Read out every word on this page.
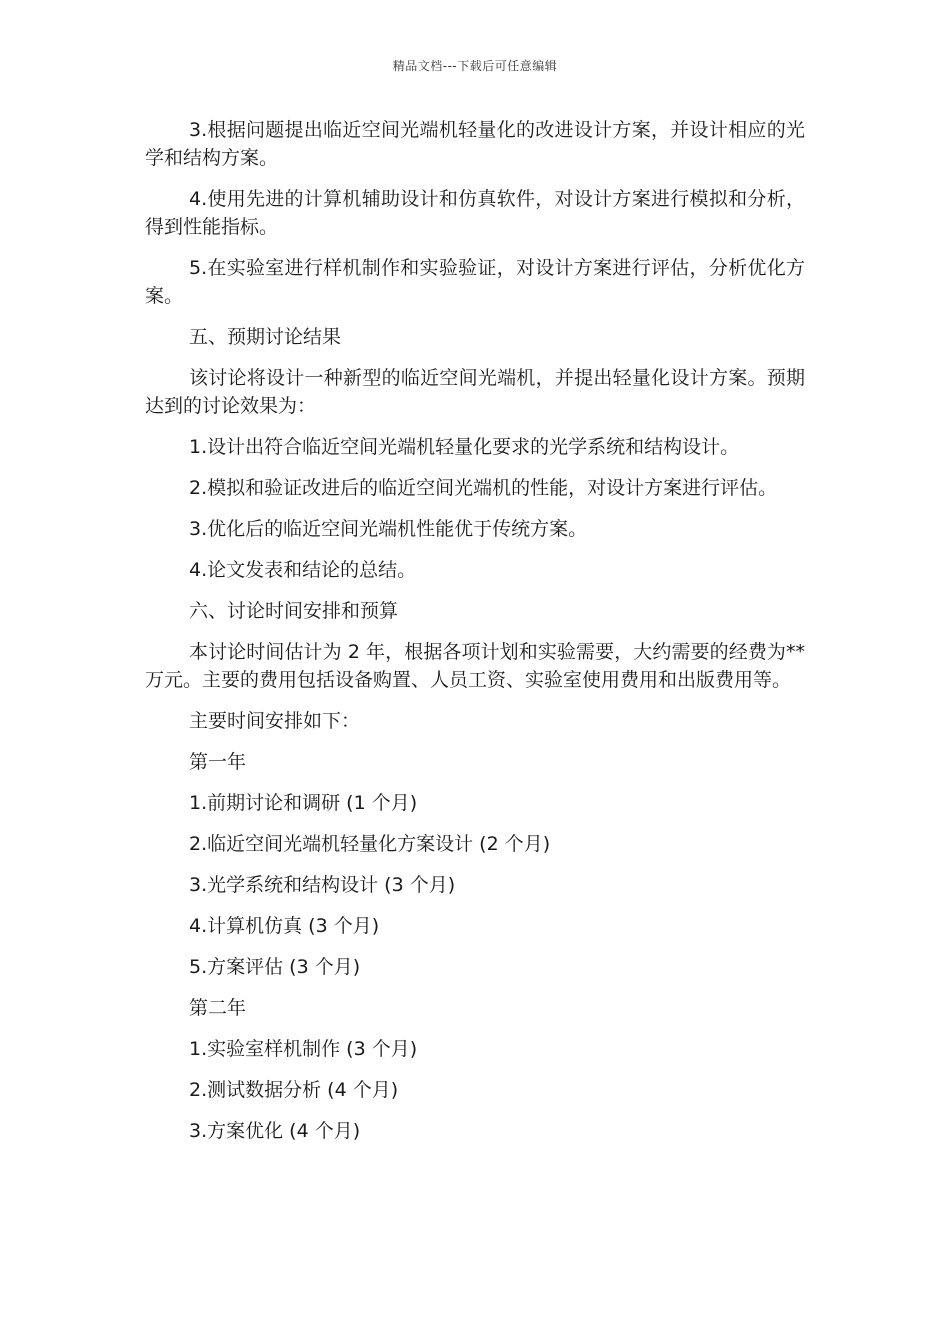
精品文档---下载后可任意编辑

3.根据问题提出临近空间光端机轻量化的改进设计方案，并设计相应的光学和结构方案。

4.使用先进的计算机辅助设计和仿真软件，对设计方案进行模拟和分析，得到性能指标。

5.在实验室进行样机制作和实验验证，对设计方案进行评估，分析优化方案。

五、预期讨论结果

该讨论将设计一种新型的临近空间光端机，并提出轻量化设计方案。预期达到的讨论效果为：

1.设计出符合临近空间光端机轻量化要求的光学系统和结构设计。

2.模拟和验证改进后的临近空间光端机的性能，对设计方案进行评估。

3.优化后的临近空间光端机性能优于传统方案。

4.论文发表和结论的总结。

六、讨论时间安排和预算

本讨论时间估计为 2 年，根据各项计划和实验需要，大约需要的经费为**万元。主要的费用包括设备购置、人员工资、实验室使用费用和出版费用等。

主要时间安排如下：

第一年

1.前期讨论和调研 (1 个月)

2.临近空间光端机轻量化方案设计 (2 个月)

3.光学系统和结构设计 (3 个月)

4.计算机仿真 (3 个月)

5.方案评估 (3 个月)

第二年

1.实验室样机制作 (3 个月)

2.测试数据分析 (4 个月)

3.方案优化 (4 个月)
